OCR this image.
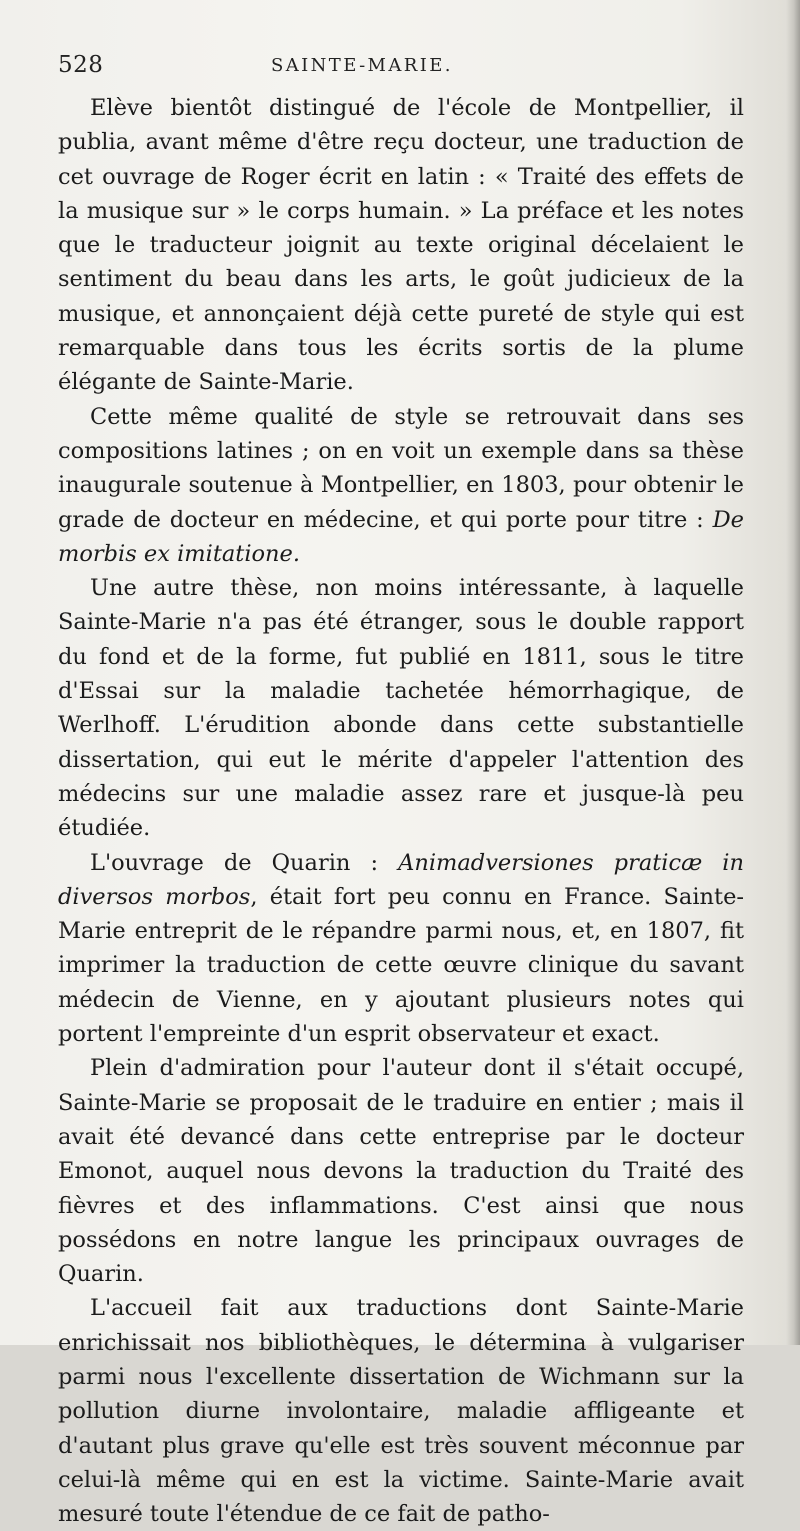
528	SAINTE-MARIE.

Elève bientôt distingué de l'école de Montpellier, il publia, avant même d'être reçu docteur, une traduction de cet ouvrage de Roger écrit en latin : « Traité des effets de la musique sur » le corps humain. » La préface et les notes que le traducteur joignit au texte original décelaient le sentiment du beau dans les arts, le goût judicieux de la musique, et annonçaient déjà cette pureté de style qui est remarquable dans tous les écrits sortis de la plume élégante de Sainte-Marie.

Cette même qualité de style se retrouvait dans ses compositions latines ; on en voit un exemple dans sa thèse inaugurale soutenue à Montpellier, en 1803, pour obtenir le grade de docteur en médecine, et qui porte pour titre : De morbis ex imitatione.

Une autre thèse, non moins intéressante, à laquelle Sainte-Marie n'a pas été étranger, sous le double rapport du fond et de la forme, fut publié en 1811, sous le titre d'Essai sur la maladie tachetée hémorrhagique, de Werlhoff. L'érudition abonde dans cette substantielle dissertation, qui eut le mérite d'appeler l'attention des médecins sur une maladie assez rare et jusque-là peu étudiée.

L'ouvrage de Quarin : Animadversiones praticæ in diversos morbos, était fort peu connu en France. Sainte-Marie entreprit de le répandre parmi nous, et, en 1807, fit imprimer la traduction de cette œuvre clinique du savant médecin de Vienne, en y ajoutant plusieurs notes qui portent l'empreinte d'un esprit observateur et exact.

Plein d'admiration pour l'auteur dont il s'était occupé, Sainte-Marie se proposait de le traduire en entier ; mais il avait été devancé dans cette entreprise par le docteur Emonot, auquel nous devons la traduction du Traité des fièvres et des inflammations. C'est ainsi que nous possédons en notre langue les principaux ouvrages de Quarin.

L'accueil fait aux traductions dont Sainte-Marie enrichissait nos bibliothèques, le détermina à vulgariser parmi nous l'excellente dissertation de Wichmann sur la pollution diurne involontaire, maladie affligeante et d'autant plus grave qu'elle est très souvent méconnue par celui-là même qui en est la victime. Sainte-Marie avait mesuré toute l'étendue de ce fait de patho-
